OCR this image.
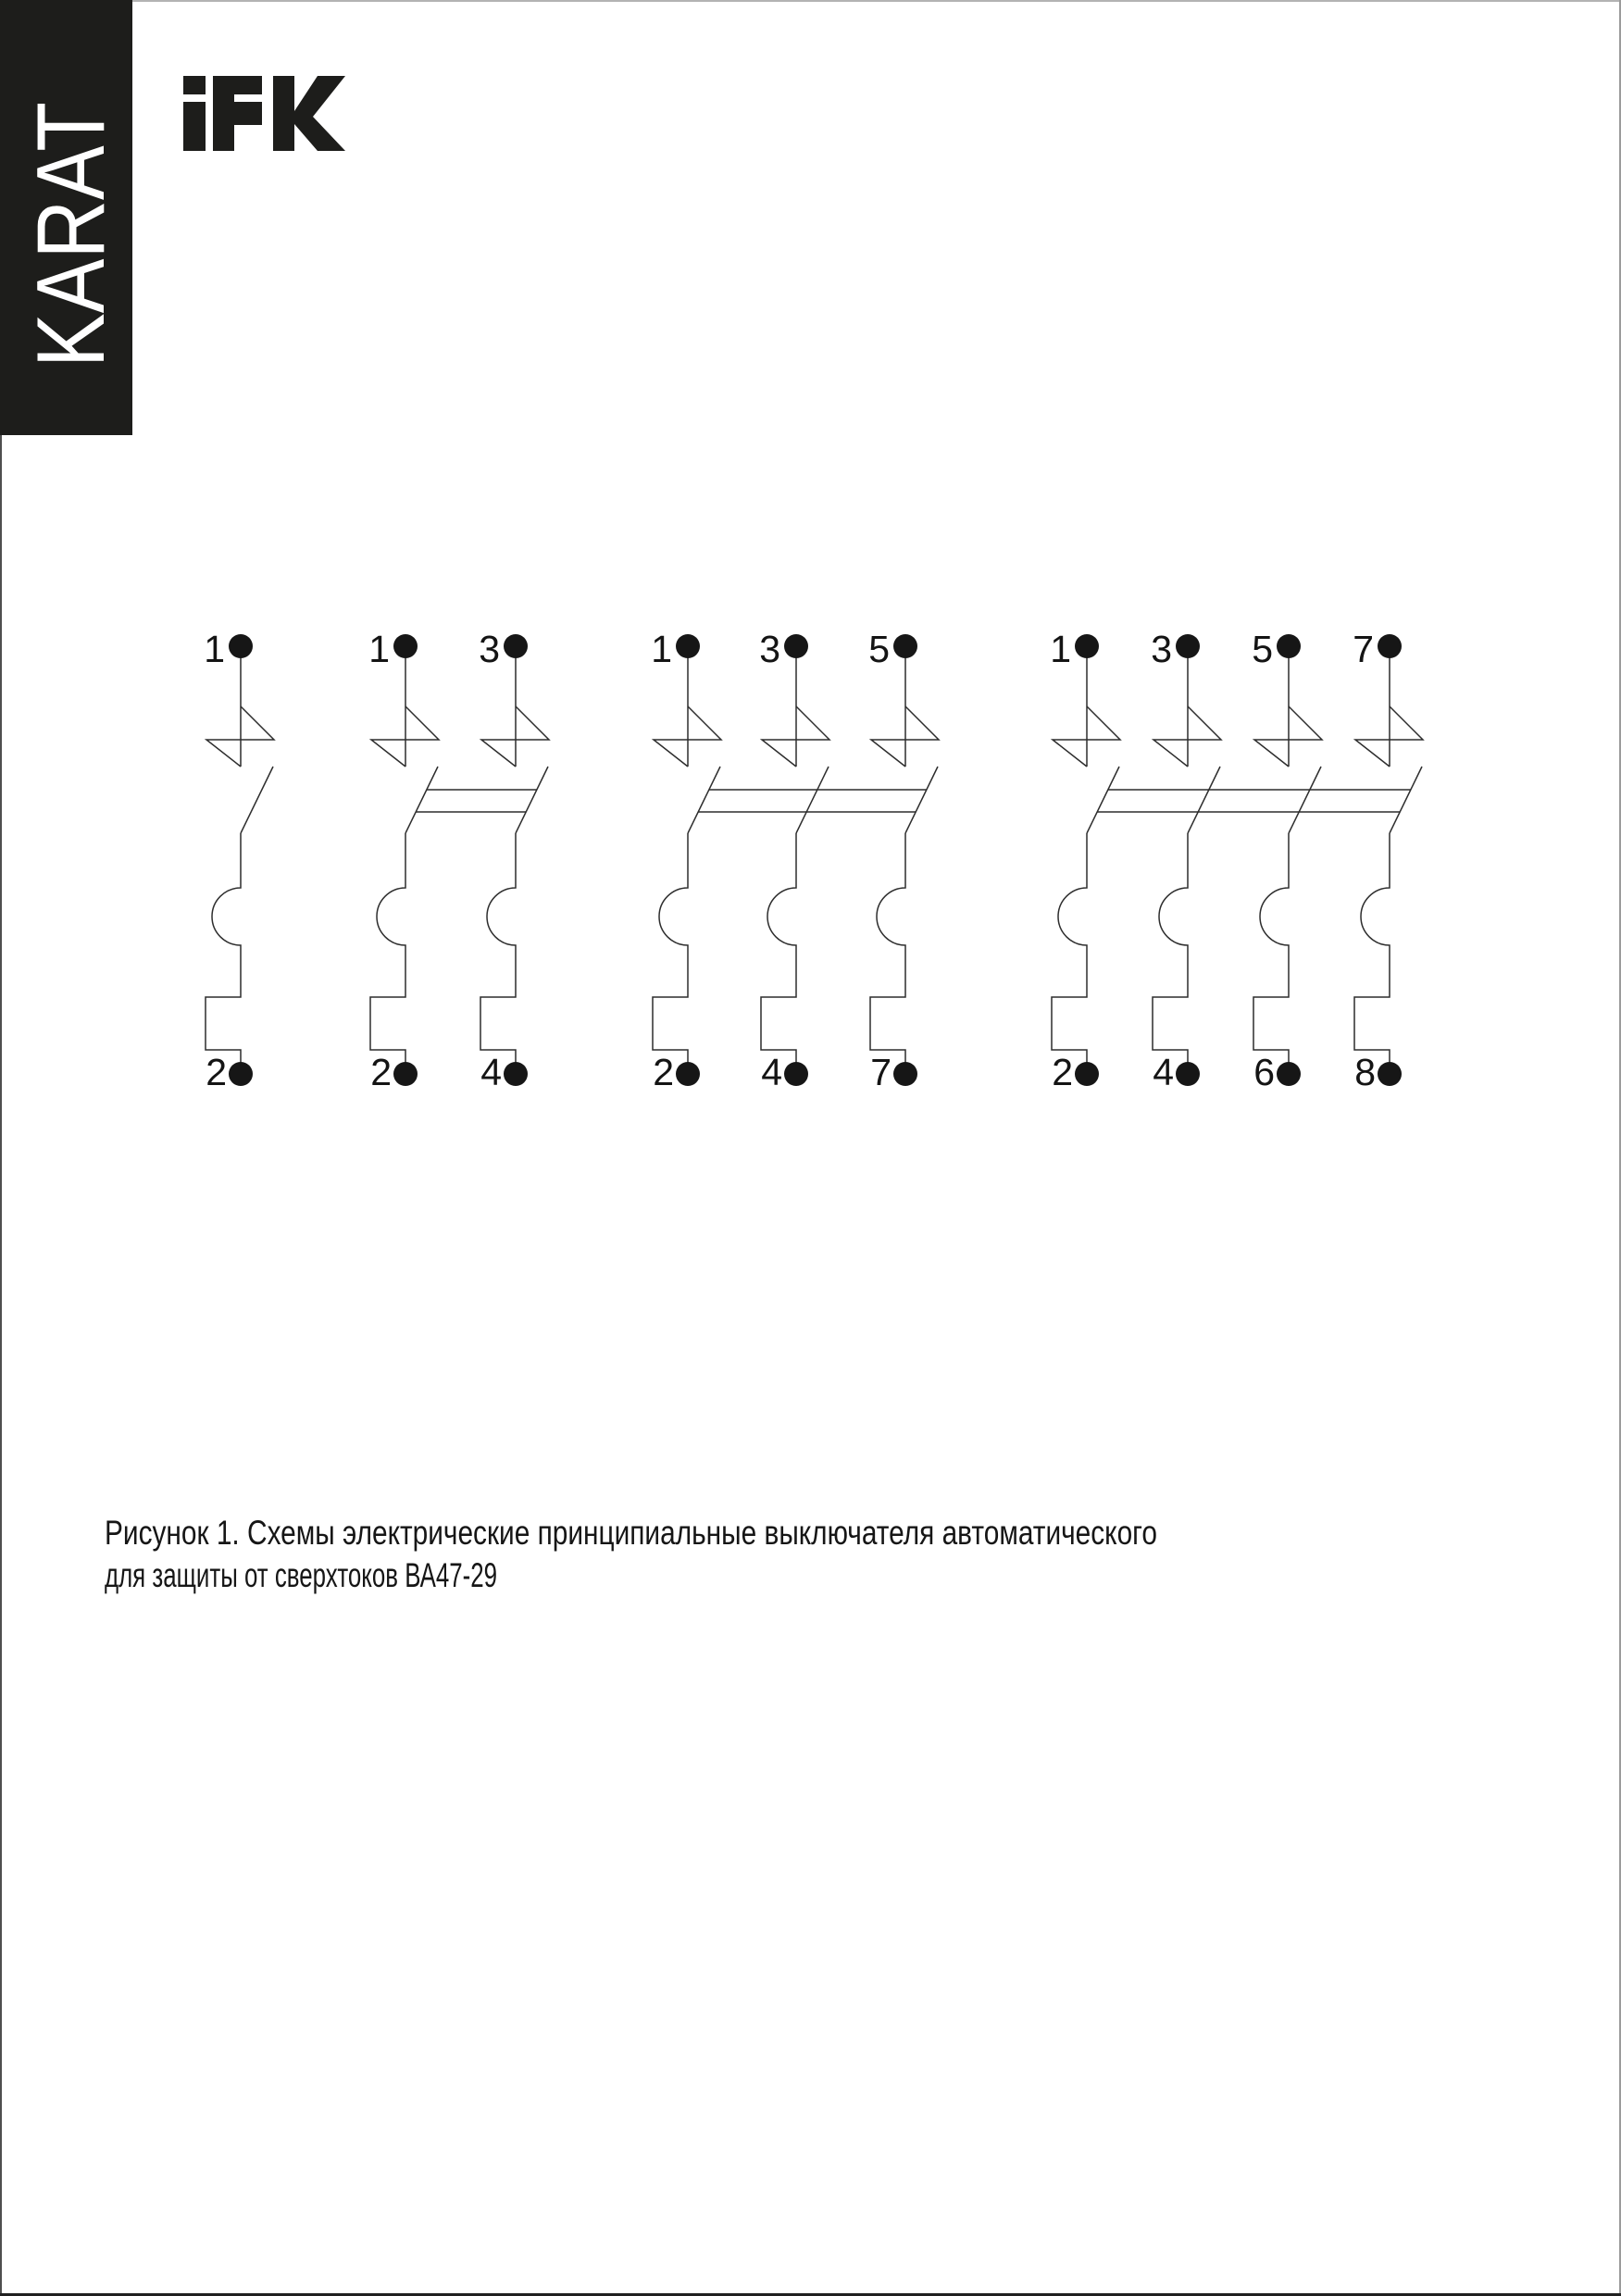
KARAT
Рисунок 1. Схемы электрические принципиальные выключателя автоматического
для защиты от сверхтоков ВА47-29
1
2
1
2
3
4
1
2
3
4
5
7
1
2
3
4
5
6
7
8
